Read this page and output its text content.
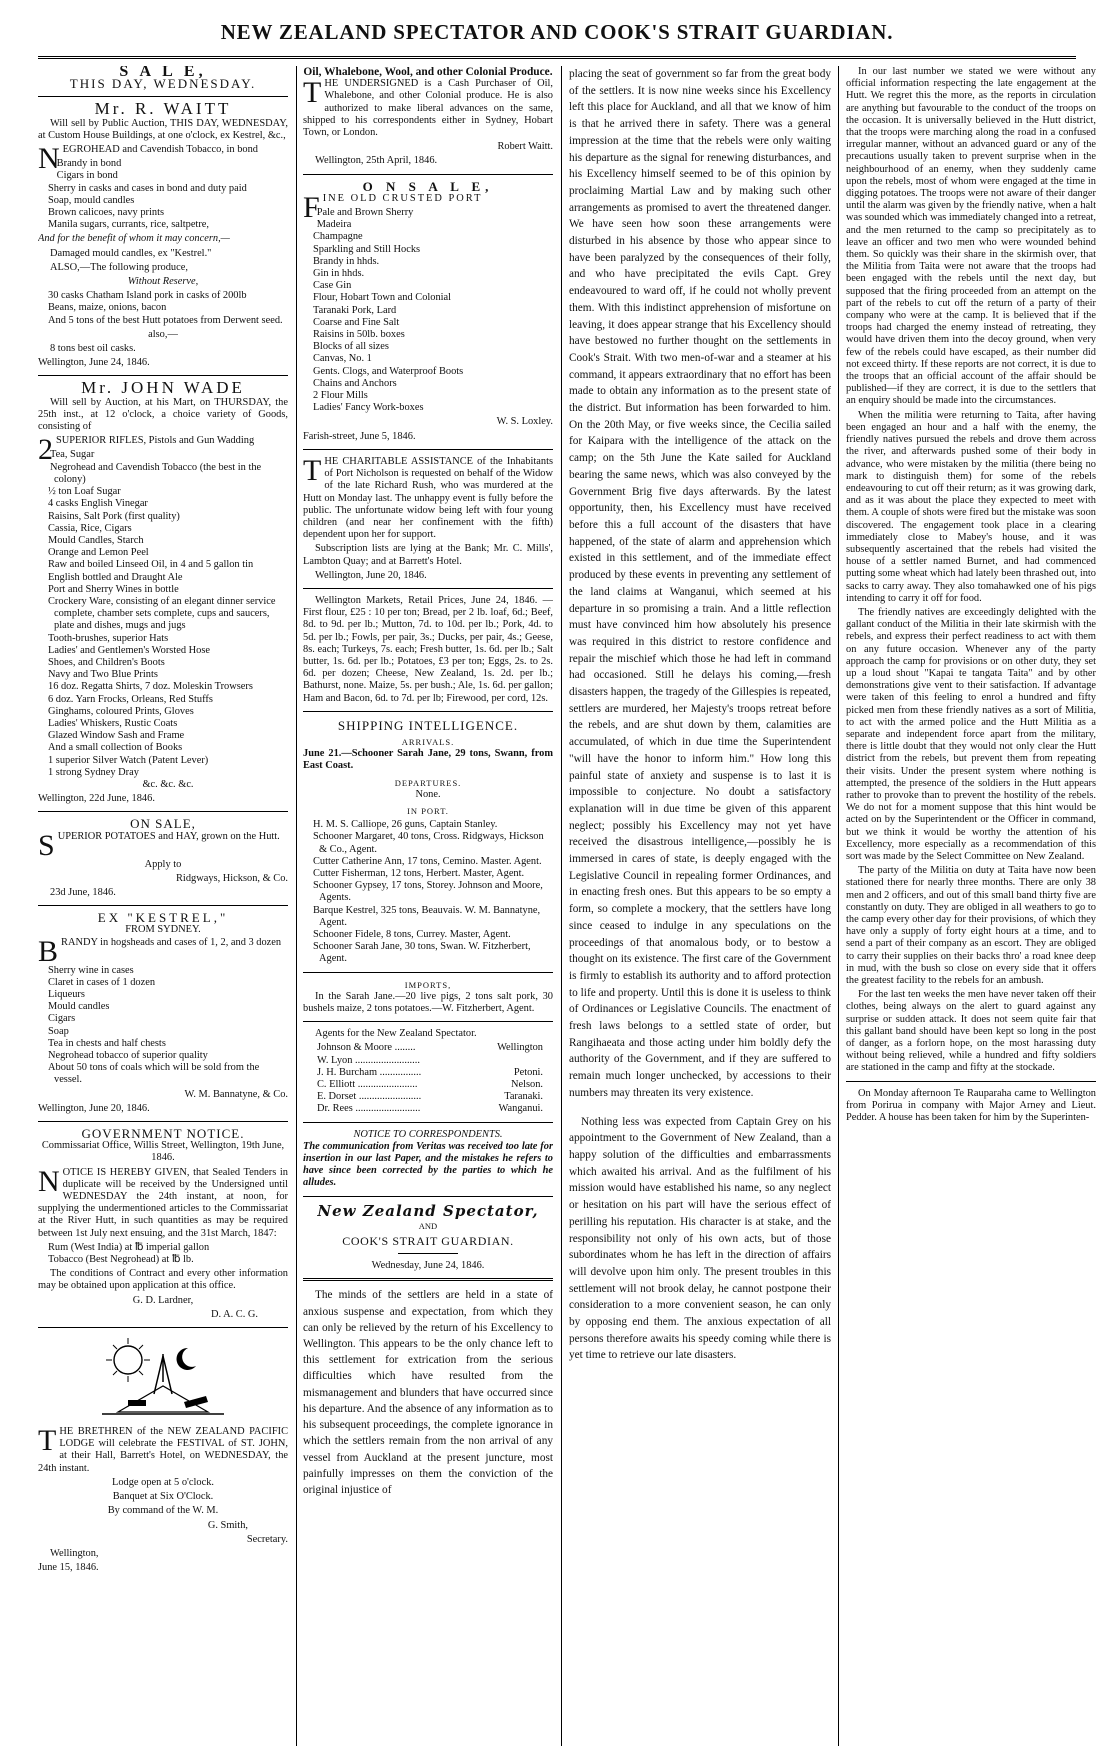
NEW ZEALAND SPECTATOR AND COOK'S STRAIT GUARDIAN.
S A L E,
THIS DAY, WEDNESDAY.
Mr. R. WAITT

Will sell by Public Auction, THIS DAY, WEDNESDAY, at Custom House Buildings, at one o'clock, ex Kestrel, &c.,

NEGROHEAD and Cavendish Tobacco, in bond

Brandy in bond
Cigars in bond
Sherry in casks and cases in bond and duty paid
Soap, mould candles
Brown calicoes, navy prints
Manila sugars, currants, rice, saltpetre,

And for the benefit of whom it may concern,—

Damaged mould candles, ex "Kestrel."

ALSO,—The following produce,

Without Reserve,

30 casks Chatham Island pork in casks of 200lb
Beans, maize, onions, bacon
And 5 tons of the best Hutt potatoes from Derwent seed.

also,—

8 tons best oil casks.

Wellington, June 24, 1846.

Mr. JOHN WADE

Will sell by Auction, at his Mart, on THURSDAY, the 25th inst., at 12 o'clock, a choice variety of Goods, consisting of

2 SUPERIOR RIFLES, Pistols and Gun Wadding

Tea, Sugar
Negrohead and Cavendish Tobacco (the best in the colony)
½ ton Loaf Sugar
4 casks English Vinegar
Raisins, Salt Pork (first quality)
Cassia, Rice, Cigars
Mould Candles, Starch
Orange and Lemon Peel
Raw and boiled Linseed Oil, in 4 and 5 gallon tin
English bottled and Draught Ale
Port and Sherry Wines in bottle
Crockery Ware, consisting of an elegant dinner service complete, chamber sets complete, cups and saucers, plate and dishes, mugs and jugs
Tooth-brushes, superior Hats
Ladies' and Gentlemen's Worsted Hose
Shoes, and Children's Boots
Navy and Two Blue Prints
16 doz. Regatta Shirts, 7 doz. Moleskin Trowsers
6 doz. Yarn Frocks, Orleans, Red Stuffs
Ginghams, coloured Prints, Gloves
Ladies' Whiskers, Rustic Coats
Glazed Window Sash and Frame
And a small collection of Books
1 superior Silver Watch (Patent Lever)
1 strong Sydney Dray
&c. &c. &c.

Wellington, 22d June, 1846.

ON SALE,

SUPERIOR POTATOES and HAY, grown on the Hutt.

Apply to

Ridgways, Hickson, & Co.

23d June, 1846.

EX "KESTREL,"
FROM SYDNEY.

BRANDY in hogsheads and cases of 1, 2, and 3 dozen

Sherry wine in cases
Claret in cases of 1 dozen
Liqueurs
Mould candles
Cigars
Soap
Tea in chests and half chests
Negrohead tobacco of superior quality
About 50 tons of coals which will be sold from the vessel.

W. M. Bannatyne, & Co.

Wellington, June 20, 1846.

GOVERNMENT NOTICE.

Commissariat Office, Willis Street, Wellington, 19th June, 1846.

NOTICE IS HEREBY GIVEN, that Sealed Tenders in duplicate will be received by the Undersigned until WEDNESDAY the 24th instant, at noon, for supplying the undermentioned articles to the Commissariat at the River Hutt, in such quantities as may be required between 1st July next ensuing, and the 31st March, 1847:

Rum (West India) at ℔ imperial gallon
Tobacco (Best Negrohead) at ℔ lb.

The conditions of Contract and every other information may be obtained upon application at this office.

G. D. Lardner,

D. A. C. G.

THE BRETHREN of the NEW ZEALAND PACIFIC LODGE will celebrate the FESTIVAL of ST. JOHN, at their Hall, Barrett's Hotel, on WEDNESDAY, the 24th instant.

Lodge open at 5 o'clock.

Banquet at Six O'Clock.

By command of the W. M.

G. Smith,

Secretary.

Wellington,

June 15, 1846.

Oil, Whalebone, Wool, and other Colonial Produce.

THE UNDERSIGNED is a Cash Purchaser of Oil, Whalebone, and other Colonial produce. He is also authorized to make liberal advances on the same, shipped to his correspondents either in Sydney, Hobart Town, or London.

Robert Waitt.

Wellington, 25th April, 1846.

O N S A L E,

FINE OLD CRUSTED PORT

Pale and Brown Sherry
Madeira
Champagne
Sparkling and Still Hocks
Brandy in hhds.
Gin in hhds.
Case Gin
Flour, Hobart Town and Colonial
Taranaki Pork, Lard
Coarse and Fine Salt
Raisins in 50lb. boxes
Blocks of all sizes
Canvas, No. 1
Gents. Clogs, and Waterproof Boots
Chains and Anchors
2 Flour Mills
Ladies' Fancy Work-boxes

W. S. Loxley.

Farish-street, June 5, 1846.

THE CHARITABLE ASSISTANCE of the Inhabitants of Port Nicholson is requested on behalf of the Widow of the late Richard Rush, who was murdered at the Hutt on Monday last. The unhappy event is fully before the public. The unfortunate widow being left with four young children (and near her confinement with the fifth) dependent upon her for support.

Subscription lists are lying at the Bank; Mr. C. Mills', Lambton Quay; and at Barrett's Hotel.

Wellington, June 20, 1846.

Wellington Markets, Retail Prices, June 24, 1846. — First flour, £25 : 10 per ton; Bread, per 2 lb. loaf, 6d.; Beef, 8d. to 9d. per lb.; Mutton, 7d. to 10d. per lb.; Pork, 4d. to 5d. per lb.; Fowls, per pair, 3s.; Ducks, per pair, 4s.; Geese, 8s. each; Turkeys, 7s. each; Fresh butter, 1s. 6d. per lb.; Salt butter, 1s. 6d. per lb.; Potatoes, £3 per ton; Eggs, 2s. to 2s. 6d. per dozen; Cheese, New Zealand, 1s. 2d. per lb.; Bathurst, none. Maize, 5s. per bush.; Ale, 1s. 6d. per gallon; Ham and Bacon, 6d. to 7d. per lb; Firewood, per cord, 12s.

SHIPPING INTELLIGENCE.
ARRIVALS.

June 21.—Schooner Sarah Jane, 29 tons, Swann, from East Coast.

DEPARTURES.

None.

IN PORT.
H. M. S. Calliope, 26 guns, Captain Stanley.
Schooner Margaret, 40 tons, Cross. Ridgways, Hickson & Co., Agent.
Cutter Catherine Ann, 17 tons, Cemino. Master. Agent.
Cutter Fisherman, 12 tons, Herbert. Master, Agent.
Schooner Gypsey, 17 tons, Storey. Johnson and Moore, Agents.
Barque Kestrel, 325 tons, Beauvais. W. M. Bannatyne, Agent.
Schooner Fidele, 8 tons, Currey. Master, Agent.
Schooner Sarah Jane, 30 tons, Swan. W. Fitzherbert, Agent.
IMPORTS,

In the Sarah Jane.—20 live pigs, 2 tons salt pork, 30 bushels maize, 2 tons potatoes.—W. Fitzherbert, Agent.

Agents for the New Zealand Spectator.

Johnson & Moore ........	Wellington
W. Lyon .........................
J. H. Burcham ................	Petoni.
C. Elliott .......................	Nelson.
E. Dorset ........................	Taranaki.
Dr. Rees .........................	Wanganui.
NOTICE TO CORRESPONDENTS.

The communication from Veritas was received too late for insertion in our last Paper, and the mistakes he refers to have since been corrected by the parties to which he alludes.

New Zealand Spectator,
AND
COOK'S STRAIT GUARDIAN.
Wednesday, June 24, 1846.

The minds of the settlers are held in a state of anxious suspense and expectation, from which they can only be relieved by the return of his Excellency to Wellington. This appears to be the only chance left to this settlement for extrication from the serious difficulties which have resulted from the mismanagement and blunders that have occurred since his departure. And the absence of any information as to his subsequent proceedings, the complete ignorance in which the settlers remain from the non arrival of any vessel from Auckland at the present juncture, most painfully impresses on them the conviction of the original injustice of

placing the seat of government so far from the great body of the settlers. It is now nine weeks since his Excellency left this place for Auckland, and all that we know of him is that he arrived there in safety. There was a general impression at the time that the rebels were only waiting his departure as the signal for renewing disturbances, and his Excellency himself seemed to be of this opinion by proclaiming Martial Law and by making such other arrangements as promised to avert the threatened danger. We have seen how soon these arrangements were disturbed in his absence by those who appear since to have been paralyzed by the consequences of their folly, and who have precipitated the evils Capt. Grey endeavoured to ward off, if he could not wholly prevent them. With this indistinct apprehension of misfortune on leaving, it does appear strange that his Excellency should have bestowed no further thought on the settlements in Cook's Strait. With two men-of-war and a steamer at his command, it appears extraordinary that no effort has been made to obtain any information as to the present state of the district. But information has been forwarded to him. On the 20th May, or five weeks since, the Cecilia sailed for Kaipara with the intelligence of the attack on the camp; on the 5th June the Kate sailed for Auckland bearing the same news, which was also conveyed by the Government Brig five days afterwards. By the latest opportunity, then, his Excellency must have received before this a full account of the disasters that have happened, of the state of alarm and apprehension which existed in this settlement, and of the immediate effect produced by these events in preventing any settlement of the land claims at Wanganui, which seemed at his departure in so promising a train. And a little reflection must have convinced him how absolutely his presence was required in this district to restore confidence and repair the mischief which those he had left in command had occasioned. Still he delays his coming,—fresh disasters happen, the tragedy of the Gillespies is repeated, settlers are murdered, her Majesty's troops retreat before the rebels, and are shut down by them, calamities are accumulated, of which in due time the Superintendent "will have the honor to inform him." How long this painful state of anxiety and suspense is to last it is impossible to conjecture. No doubt a satisfactory explanation will in due time be given of this apparent neglect; possibly his Excellency may not yet have received the disastrous intelligence,—possibly he is immersed in cares of state, is deeply engaged with the Legislative Council in repealing former Ordinances, and in enacting fresh ones. But this appears to be so empty a form, so complete a mockery, that the settlers have long since ceased to indulge in any speculations on the proceedings of that anomalous body, or to bestow a thought on its existence. The first care of the Government is firmly to establish its authority and to afford protection to life and property. Until this is done it is useless to think of Ordinances or Legislative Councils. The enactment of fresh laws belongs to a settled state of order, but Rangihaeata and those acting under him boldly defy the authority of the Government, and if they are suffered to remain much longer unchecked, by accessions to their numbers may threaten its very existence.

Nothing less was expected from Captain Grey on his appointment to the Government of New Zealand, than a happy solution of the difficulties and embarrassments which awaited his arrival. And as the fulfilment of his mission would have established his name, so any neglect or hesitation on his part will have the serious effect of perilling his reputation. His character is at stake, and the responsibility not only of his own acts, but of those subordinates whom he has left in the direction of affairs will devolve upon him only. The present troubles in this settlement will not brook delay, he cannot postpone their consideration to a more convenient season, he can only by opposing end them. The anxious expectation of all persons therefore awaits his speedy coming while there is yet time to retrieve our late disasters.

In our last number we stated we were without any official information respecting the late engagement at the Hutt. We regret this the more, as the reports in circulation are anything but favourable to the conduct of the troops on the occasion. It is universally believed in the Hutt district, that the troops were marching along the road in a confused irregular manner, without an advanced guard or any of the precautions usually taken to prevent surprise when in the neighbourhood of an enemy, when they suddenly came upon the rebels, most of whom were engaged at the time in digging potatoes. The troops were not aware of their danger until the alarm was given by the friendly native, when a halt was sounded which was immediately changed into a retreat, and the men returned to the camp so precipitately as to leave an officer and two men who were wounded behind them. So quickly was their share in the skirmish over, that the Militia from Taita were not aware that the troops had been engaged with the rebels until the next day, but supposed that the firing proceeded from an attempt on the part of the rebels to cut off the return of a party of their company who were at the camp. It is believed that if the troops had charged the enemy instead of retreating, they would have driven them into the decoy ground, when very few of the rebels could have escaped, as their number did not exceed thirty. If these reports are not correct, it is due to the troops that an official account of the affair should be published—if they are correct, it is due to the settlers that an enquiry should be made into the circumstances.

When the militia were returning to Taita, after having been engaged an hour and a half with the enemy, the friendly natives pursued the rebels and drove them across the river, and afterwards pushed some of their body in advance, who were mistaken by the militia (there being no mark to distinguish them) for some of the rebels endeavouring to cut off their return; as it was growing dark, and as it was about the place they expected to meet with them. A couple of shots were fired but the mistake was soon discovered. The engagement took place in a clearing immediately close to Mabey's house, and it was subsequently ascertained that the rebels had visited the house of a settler named Burnet, and had commenced putting some wheat which had lately been thrashed out, into sacks to carry away. They also tomahawked one of his pigs intending to carry it off for food.

The friendly natives are exceedingly delighted with the gallant conduct of the Militia in their late skirmish with the rebels, and express their perfect readiness to act with them on any future occasion. Whenever any of the party approach the camp for provisions or on other duty, they set up a loud shout "Kapai te tangata Taita" and by other demonstrations give vent to their satisfaction. If advantage were taken of this feeling to enrol a hundred and fifty picked men from these friendly natives as a sort of Militia, to act with the armed police and the Hutt Militia as a separate and independent force apart from the military, there is little doubt that they would not only clear the Hutt district from the rebels, but prevent them from repeating their visits. Under the present system where nothing is attempted, the presence of the soldiers in the Hutt appears rather to provoke than to prevent the hostility of the rebels. We do not for a moment suppose that this hint would be acted on by the Superintendent or the Officer in command, but we think it would be worthy the attention of his Excellency, more especially as a recommendation of this sort was made by the Select Committee on New Zealand.

The party of the Militia on duty at Taita have now been stationed there for nearly three months. There are only 38 men and 2 officers, and out of this small band thirty five are constantly on duty. They are obliged in all weathers to go to the camp every other day for their provisions, of which they have only a supply of forty eight hours at a time, and to send a part of their company as an escort. They are obliged to carry their supplies on their backs thro' a road knee deep in mud, with the bush so close on every side that it offers the greatest facility to the rebels for an ambush.

For the last ten weeks the men have never taken off their clothes, being always on the alert to guard against any surprise or sudden attack. It does not seem quite fair that this gallant band should have been kept so long in the post of danger, as a forlorn hope, on the most harassing duty without being relieved, while a hundred and fifty soldiers are stationed in the camp and fifty at the stockade.

On Monday afternoon Te Rauparaha came to Wellington from Porirua in company with Major Arney and Lieut. Pedder. A house has been taken for him by the Superinten-
